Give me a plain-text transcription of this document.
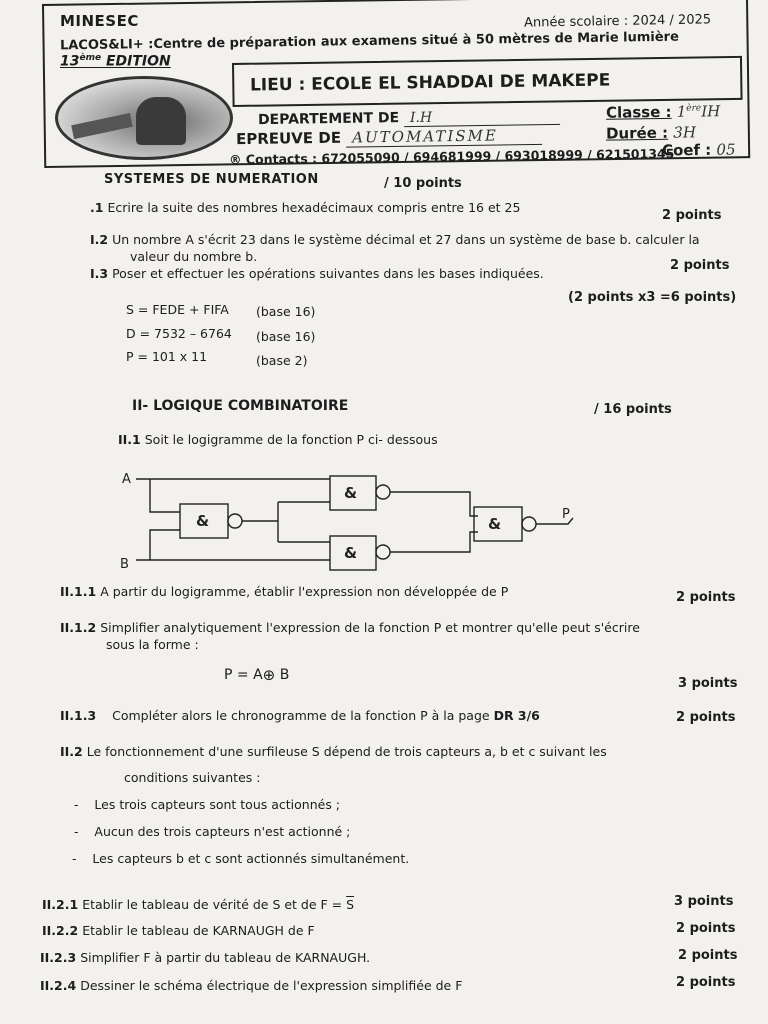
MINESEC	Année scolaire : 2024 / 2025
LACOS&LI+ :Centre de préparation aux examens situé à 50 mètres de Marie lumière
13ème EDITION
LIEU : ECOLE EL SHADDAI DE MAKEPE
DEPARTEMENT DE I.H	Classe : 1èreIH
EPREUVE DE AUTOMATISME	Durée : 3H
® Contacts : 672055090 / 694681999 / 693018999 / 621501345
Coef : 05
SYSTEMES DE NUMERATION	/ 10 points
.1 Ecrire la suite des nombres hexadécimaux compris entre 16 et 25
2 points
I.2 Un nombre A s'écrit 23 dans le système décimal et 27 dans un système de base b. calculer la
valeur du nombre b.
2 points
I.3 Poser et effectuer les opérations suivantes dans les bases indiquées.
(2 points x3 =6 points)
S = FEDE + FIFA (base 16)
D = 7532 – 6764 (base 16)
P = 101 x 11	(base 2)
II- LOGIQUE COMBINATOIRE	/ 16 points
II.1 Soit le logigramme de la fonction P ci- dessous
A
B
P
&
&
&
&
II.1.1 A partir du logigramme, établir l'expression non développée de P	2 points
II.1.2 Simplifier analytiquement l'expression de la fonction P et montrer qu'elle peut s'écrire
sous la forme :
P = A⊕ B
3 points
II.1.3 Compléter alors le chronogramme de la fonction P à la page DR 3/6	2 points
II.2 Le fonctionnement d'une surfileuse S dépend de trois capteurs a, b et c suivant les
conditions suivantes :
- Les trois capteurs sont tous actionnés ;
- Aucun des trois capteurs n'est actionné ;
- Les capteurs b et c sont actionnés simultanément.
II.2.1 Etablir le tableau de vérité de S et de $F = \overline{S}$	3 points
II.2.2 Etablir le tableau de KARNAUGH de F	2 points
II.2.3 Simplifier F à partir du tableau de KARNAUGH.	2 points
II.2.4 Dessiner le schéma électrique de l'expression simplifiée de F	2 points
